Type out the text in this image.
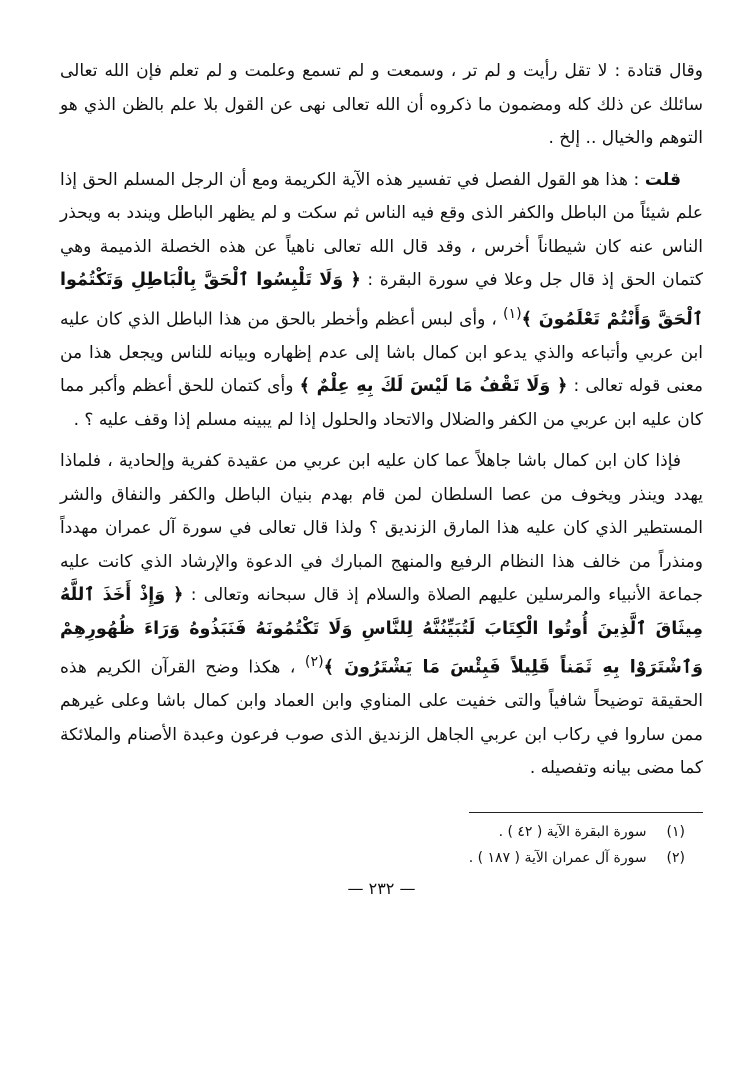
وقال قتادة : لا تقل رأيت و لم تر ، وسمعت و لم تسمع وعلمت و لم تعلم فإن الله تعالى سائلك عن ذلك كله ومضمون ما ذكروه أن الله تعالى نهى عن القول بلا علم بالظن الذي هو التوهم والخيال .. إلخ .

قلت : هذا هو القول الفصل في تفسير هذه الآية الكريمة ومع أن الرجل المسلم الحق إذا علم شيئاً من الباطل والكفر الذى وقع فيه الناس ثم سكت و لم يظهر الباطل ويندد به ويحذر الناس عنه كان شيطاناً أخرس ، وقد قال الله تعالى ناهياً عن هذه الخصلة الذميمة وهي كتمان الحق إذ قال جل وعلا في سورة البقرة : ﴿ وَلَا تَلْبِسُوا ٱلْحَقَّ بِالْبَاطِلِ وَتَكْتُمُوا ٱلْحَقَّ وَأَنْتُمْ تَعْلَمُونَ ﴾$^{(١)}$ ، وأى لبس أعظم وأخطر بالحق من هذا الباطل الذي كان عليه ابن عربي وأتباعه والذي يدعو ابن كمال باشا إلى عدم إظهاره وبيانه للناس ويجعل هذا من معنى قوله تعالى : ﴿ وَلَا تَقْفُ مَا لَيْسَ لَكَ بِهِ عِلْمٌ ﴾ وأى كتمان للحق أعظم وأكبر مما كان عليه ابن عربي من الكفر والضلال والاتحاد والحلول إذا لم يبينه مسلم إذا وقف عليه ؟ .

فإذا كان ابن كمال باشا جاهلاً عما كان عليه ابن عربي من عقيدة كفرية وإلحادية ، فلماذا يهدد وينذر ويخوف من عصا السلطان لمن قام بهدم بنيان الباطل والكفر والنفاق والشر المستطير الذي كان عليه هذا المارق الزنديق ؟ ولذا قال تعالى في سورة آل عمران مهدداً ومنذراً من خالف هذا النظام الرفيع والمنهج المبارك في الدعوة والإرشاد الذي كانت عليه جماعة الأنبياء والمرسلين عليهم الصلاة والسلام إذ قال سبحانه وتعالى : ﴿ وَإِذْ أَخَذَ ٱللَّهُ مِيثَاقَ ٱلَّذِينَ أُوتُوا الْكِتَابَ لَتُبَيِّنُنَّهُ لِلنَّاسِ وَلَا تَكْتُمُونَهُ فَنَبَذُوهُ وَرَاءَ ظُهُورِهِمْ وَٱشْتَرَوْا بِهِ ثَمَناً قَلِيلاً فَبِئْسَ مَا يَشْتَرُونَ ﴾$^{(٢)}$ ، هكذا وضح القرآن الكريم هذه الحقيقة توضيحاً شافياً والتى خفيت على المناوي وابن العماد وابن كمال باشا وعلى غيرهم ممن ساروا في ركاب ابن عربي الجاهل الزنديق الذى صوب فرعون وعبدة الأصنام والملائكة كما مضى بيانه وتفصيله .

(١) سورة البقرة الآية ( ٤٢ ) .
(٢) سورة آل عمران الآية ( ١٨٧ ) .
— ٢٣٢ —
